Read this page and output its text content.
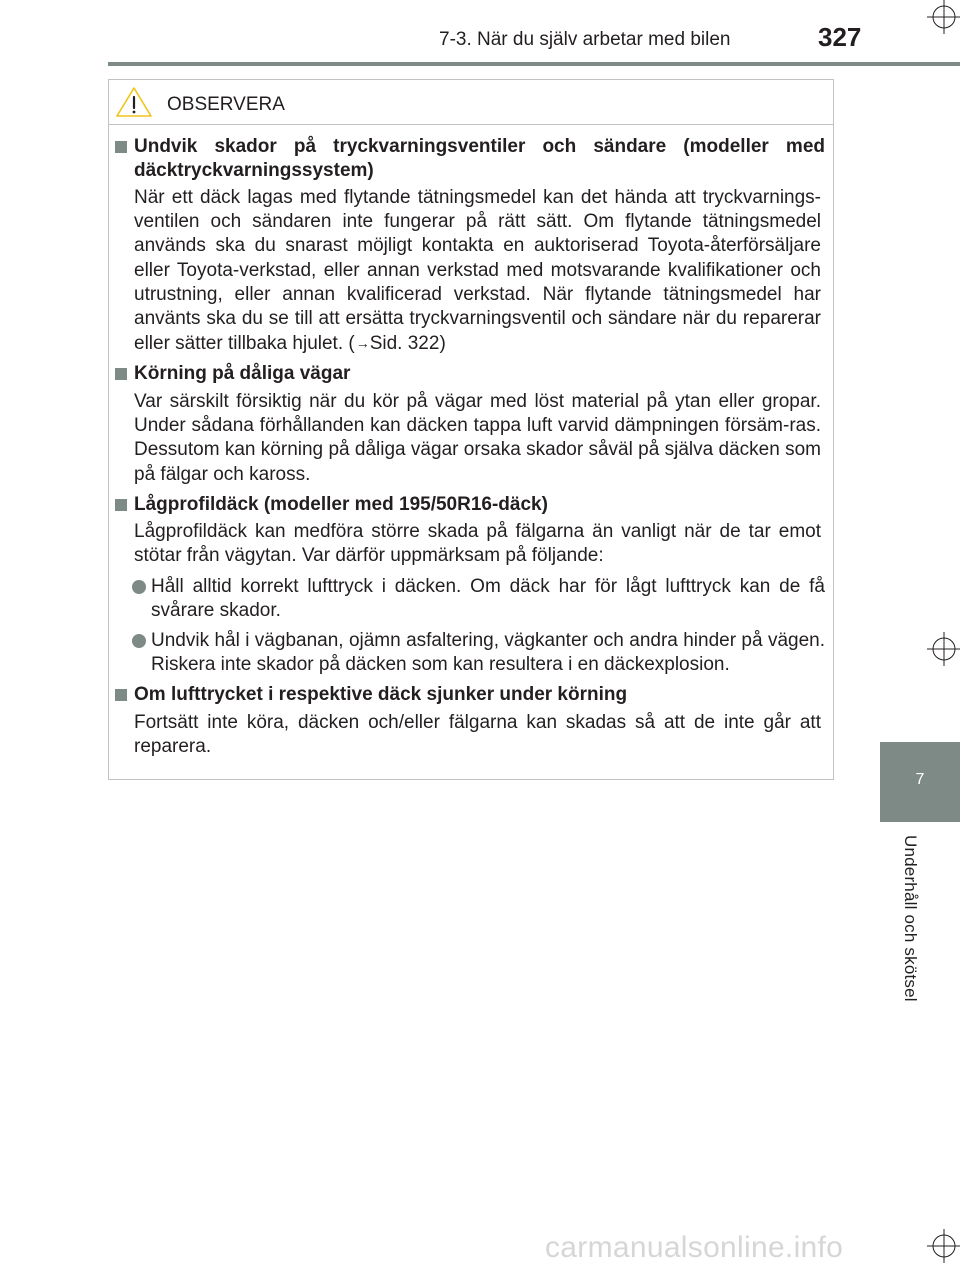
7-3. När du själv arbetar med bilen	327
7
Underhåll och skötsel
OBSERVERA

Undvik skador på tryckvarningsventiler och sändare (modeller med däcktryckvarningssystem)

När ett däck lagas med flytande tätningsmedel kan det hända att tryckvarnings-ventilen och sändaren inte fungerar på rätt sätt. Om flytande tätningsmedel används ska du snarast möjligt kontakta en auktoriserad Toyota-återförsäljare eller Toyota-verkstad, eller annan verkstad med motsvarande kvalifikationer och utrustning, eller annan kvalificerad verkstad. När flytande tätningsmedel har använts ska du se till att ersätta tryckvarningsventil och sändare när du reparerar eller sätter tillbaka hjulet. (→Sid. 322)

Körning på dåliga vägar

Var särskilt försiktig när du kör på vägar med löst material på ytan eller gropar. Under sådana förhållanden kan däcken tappa luft varvid dämpningen försäm-ras. Dessutom kan körning på dåliga vägar orsaka skador såväl på själva däcken som på fälgar och kaross.

Lågprofildäck (modeller med 195/50R16-däck)

Lågprofildäck kan medföra större skada på fälgarna än vanligt när de tar emot stötar från vägytan. Var därför uppmärksam på följande:

Håll alltid korrekt lufttryck i däcken. Om däck har för lågt lufttryck kan de få svårare skador.
Undvik hål i vägbanan, ojämn asfaltering, vägkanter och andra hinder på vägen. Riskera inte skador på däcken som kan resultera i en däckexplosion.

Om lufttrycket i respektive däck sjunker under körning

Fortsätt inte köra, däcken och/eller fälgarna kan skadas så att de inte går att reparera.

carmanualsonline.info
